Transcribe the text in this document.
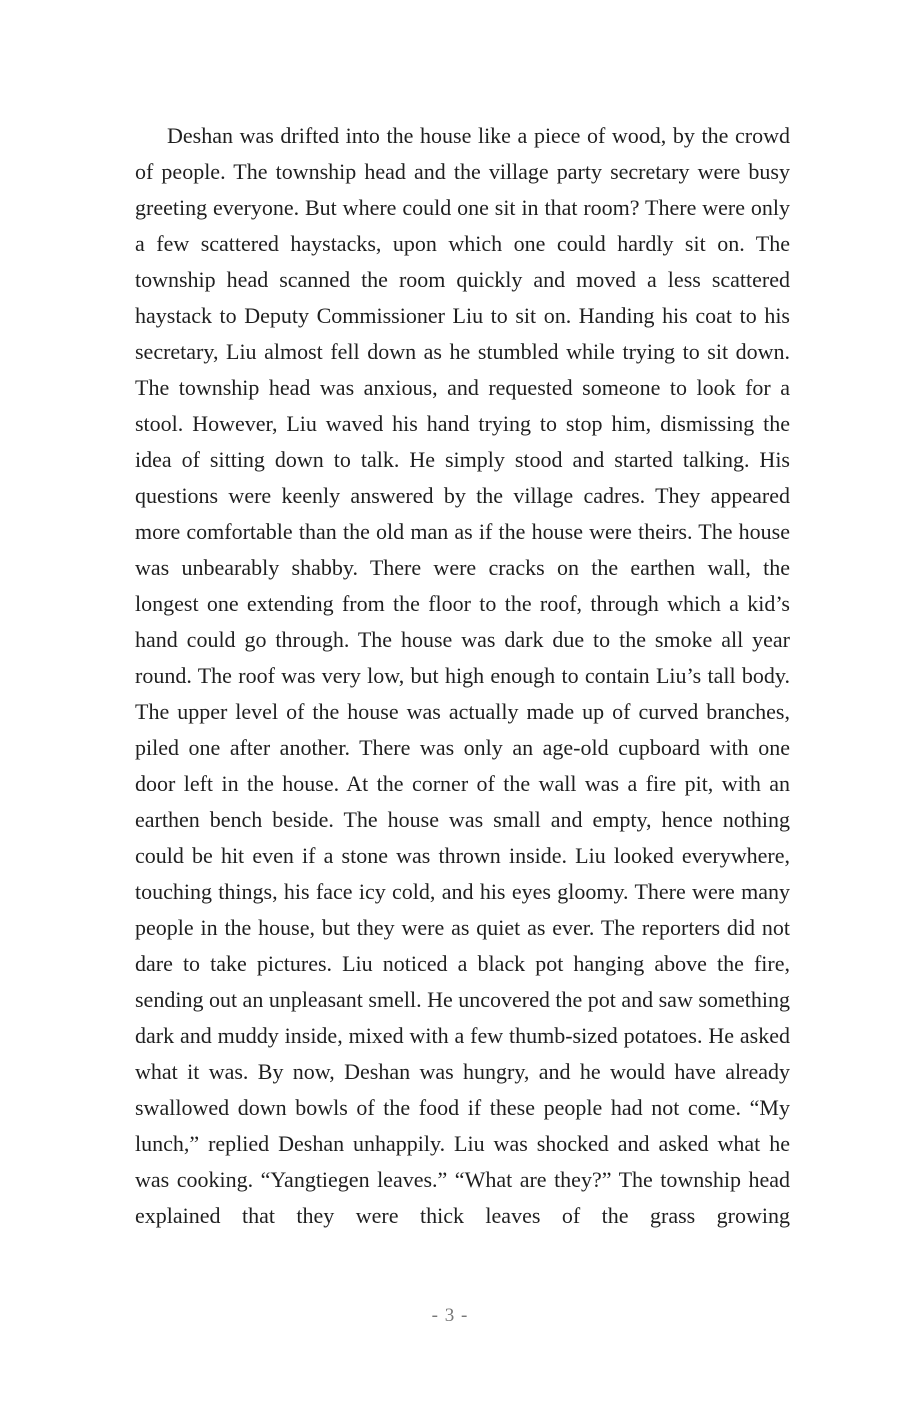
Deshan was drifted into the house like a piece of wood, by the crowd of people. The township head and the village party secretary were busy greeting everyone. But where could one sit in that room? There were only a few scattered haystacks, upon which one could hardly sit on. The township head scanned the room quickly and moved a less scattered haystack to Deputy Commissioner Liu to sit on. Handing his coat to his secretary, Liu almost fell down as he stumbled while trying to sit down. The township head was anxious, and requested someone to look for a stool. However, Liu waved his hand trying to stop him, dismissing the idea of sitting down to talk. He simply stood and started talking. His questions were keenly answered by the village cadres. They appeared more comfortable than the old man as if the house were theirs. The house was unbearably shabby. There were cracks on the earthen wall, the longest one extending from the floor to the roof, through which a kid’s hand could go through. The house was dark due to the smoke all year round. The roof was very low, but high enough to contain Liu’s tall body. The upper level of the house was actually made up of curved branches, piled one after another. There was only an age-old cupboard with one door left in the house. At the corner of the wall was a fire pit, with an earthen bench beside. The house was small and empty, hence nothing could be hit even if a stone was thrown inside. Liu looked everywhere, touching things, his face icy cold, and his eyes gloomy. There were many people in the house, but they were as quiet as ever. The reporters did not dare to take pictures. Liu noticed a black pot hanging above the fire, sending out an unpleasant smell. He uncovered the pot and saw something dark and muddy inside, mixed with a few thumb-sized potatoes. He asked what it was. By now, Deshan was hungry, and he would have already swallowed down bowls of the food if these people had not come. “My lunch,” replied Deshan unhappily. Liu was shocked and asked what he was cooking. “Yangtiegen leaves.” “What are they?” The township head explained that they were thick leaves of the grass growing

- 3 -
